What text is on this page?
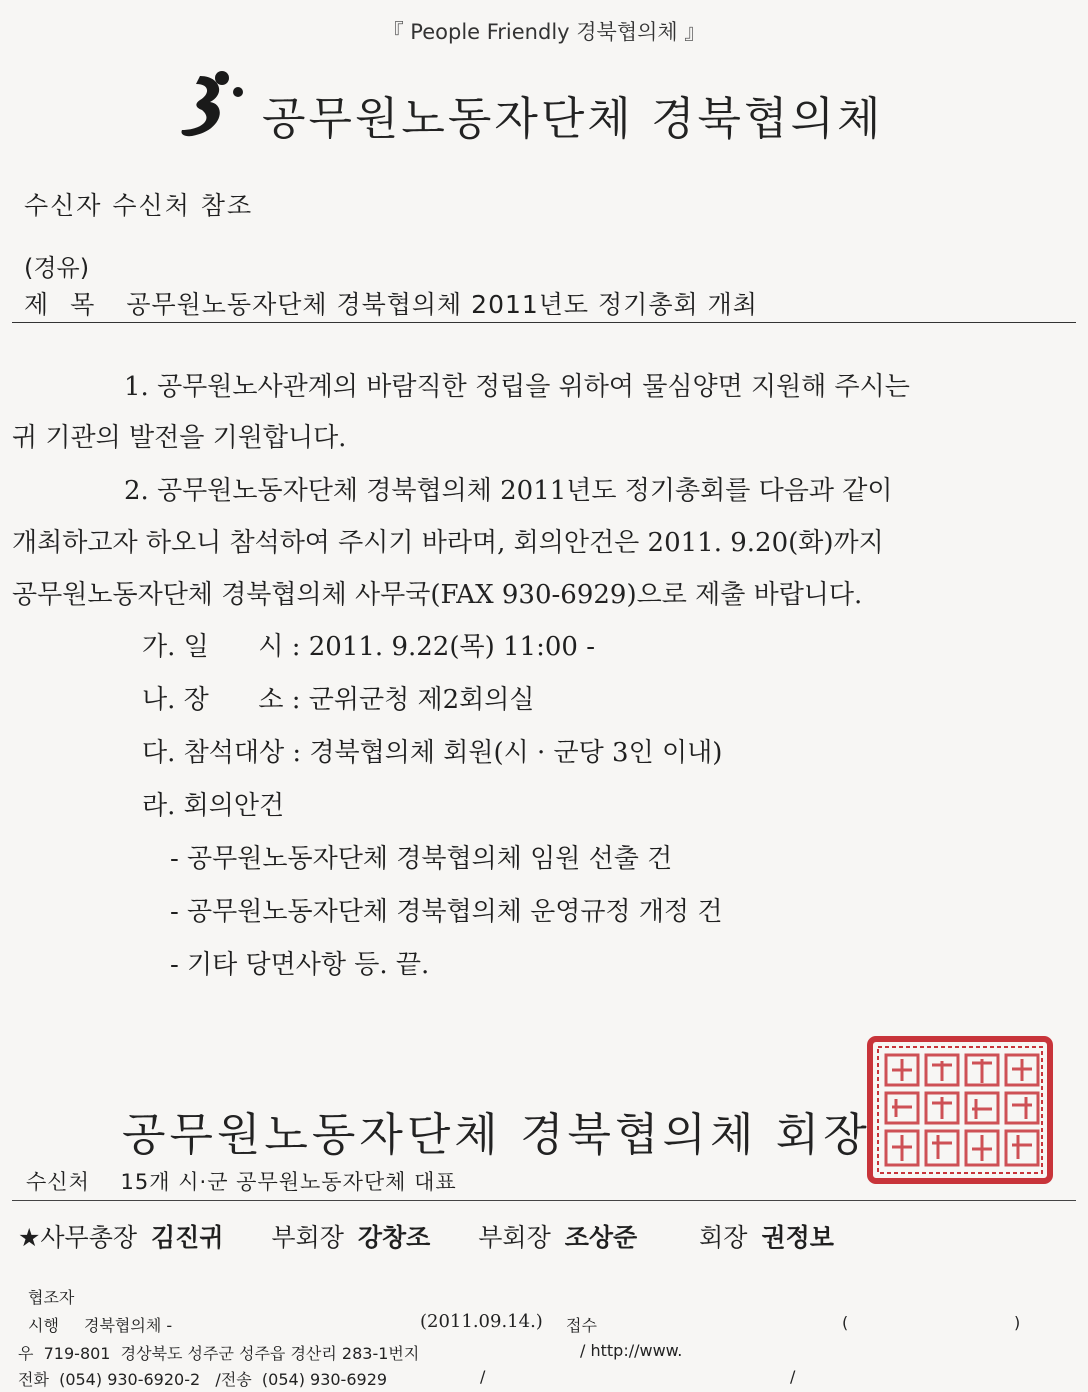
『 People Friendly 경북협의체 』
공무원노동자단체 경북협의체
수신자 수신처 참조
(경유)
제목 공무원노동자단체 경북협의체 2011년도 정기총회 개최
1. 공무원노사관계의 바람직한 정립을 위하여 물심양면 지원해 주시는
귀 기관의 발전을 기원합니다.
2. 공무원노동자단체 경북협의체 2011년도 정기총회를 다음과 같이
개최하고자 하오니 참석하여 주시기 바라며, 회의안건은 2011. 9.20(화)까지
공무원노동자단체 경북협의체 사무국(FAX 930-6929)으로 제출 바랍니다.
가. 일      시 : 2011. 9.22(목) 11:00 -
나. 장      소 : 군위군청 제2회의실
다. 참석대상 : 경북협의체 회원(시 · 군당 3인 이내)
라. 회의안건
- 공무원노동자단체 경북협의체 임원 선출 건
- 공무원노동자단체 경북협의체 운영규정 개정 건
- 기타 당면사항 등. 끝.
공무원노동자단체 경북협의체 회장
수신처    15개 시·군 공무원노동자단체 대표
★사무총장 김진귀 부회장 강창조 부회장 조상준 회장 권정보
협조자
시행 경북협의체 -	(2011.09.14.) 접수	(	)
우  719-801  경상북도 성주군 성주읍 경산리 283-1번지	/ http://www.
전화  (054) 930-6920-2   /전송  (054) 930-6929	/	/
